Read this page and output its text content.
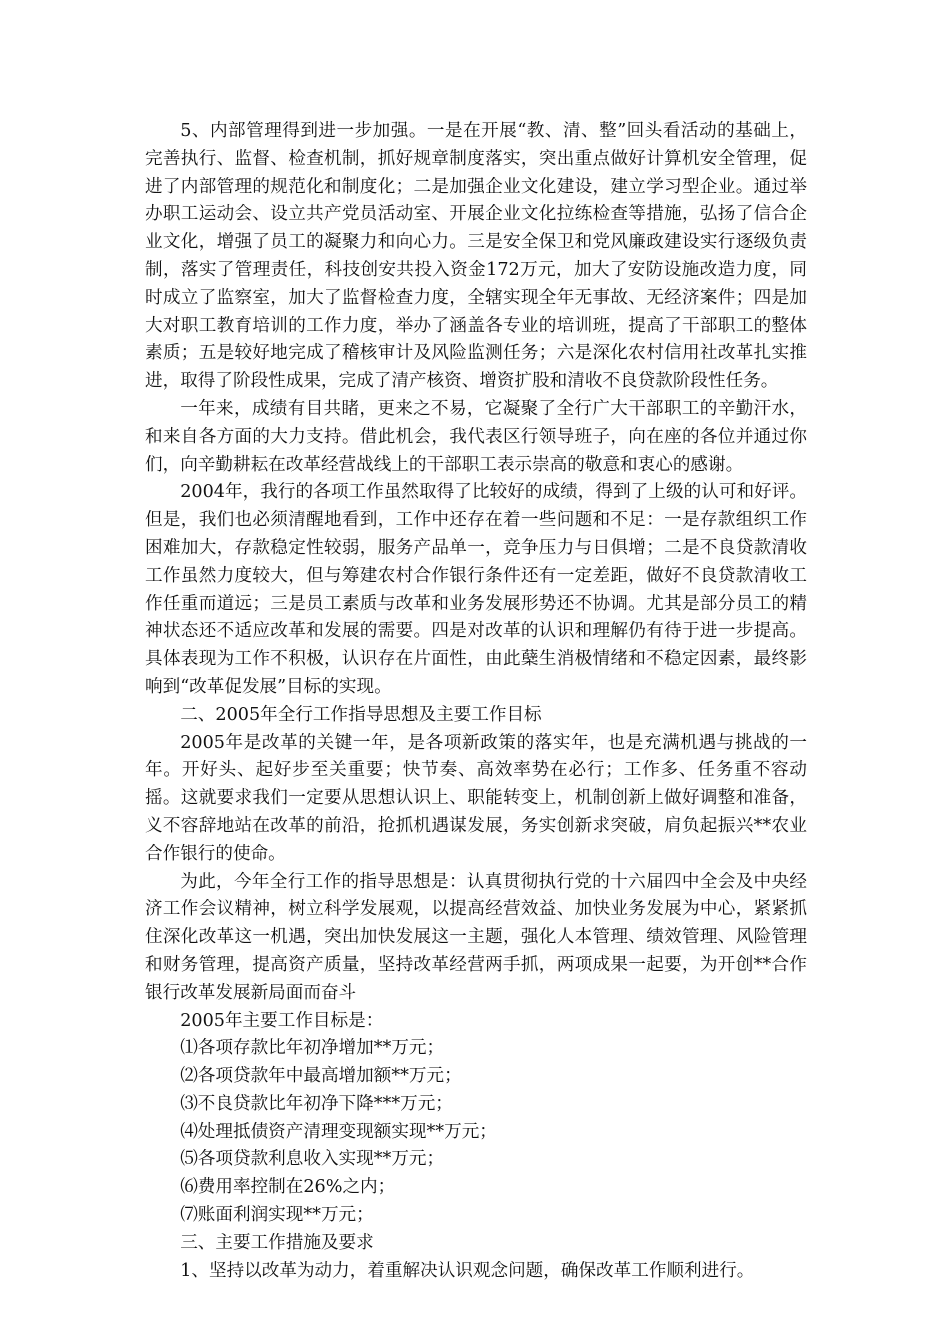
5、内部管理得到进一步加强。一是在开展“教、清、整”回头看活动的基础上，完善执行、监督、检查机制，抓好规章制度落实，突出重点做好计算机安全管理，促进了内部管理的规范化和制度化；二是加强企业文化建设，建立学习型企业。通过举办职工运动会、设立共产党员活动室、开展企业文化拉练检查等措施，弘扬了信合企业文化，增强了员工的凝聚力和向心力。三是安全保卫和党风廉政建设实行逐级负责制，落实了管理责任，科技创安共投入资金172万元，加大了安防设施改造力度，同时成立了监察室，加大了监督检查力度，全辖实现全年无事故、无经济案件；四是加大对职工教育培训的工作力度，举办了涵盖各专业的培训班，提高了干部职工的整体素质；五是较好地完成了稽核审计及风险监测任务；六是深化农村信用社改革扎实推进，取得了阶段性成果，完成了清产核资、增资扩股和清收不良贷款阶段性任务。

一年来，成绩有目共睹，更来之不易，它凝聚了全行广大干部职工的辛勤汗水，和来自各方面的大力支持。借此机会，我代表区行领导班子，向在座的各位并通过你们，向辛勤耕耘在改革经营战线上的干部职工表示崇高的敬意和衷心的感谢。

2004年，我行的各项工作虽然取得了比较好的成绩，得到了上级的认可和好评。但是，我们也必须清醒地看到，工作中还存在着一些问题和不足：一是存款组织工作困难加大，存款稳定性较弱，服务产品单一，竞争压力与日俱增；二是不良贷款清收工作虽然力度较大，但与筹建农村合作银行条件还有一定差距，做好不良贷款清收工作任重而道远；三是员工素质与改革和业务发展形势还不协调。尤其是部分员工的精神状态还不适应改革和发展的需要。四是对改革的认识和理解仍有待于进一步提高。具体表现为工作不积极，认识存在片面性，由此蘖生消极情绪和不稳定因素，最终影响到“改革促发展”目标的实现。

二、2005年全行工作指导思想及主要工作目标

2005年是改革的关键一年，是各项新政策的落实年，也是充满机遇与挑战的一年。开好头、起好步至关重要；快节奏、高效率势在必行；工作多、任务重不容动摇。这就要求我们一定要从思想认识上、职能转变上，机制创新上做好调整和准备，义不容辞地站在改革的前沿，抢抓机遇谋发展，务实创新求突破，肩负起振兴**农业合作银行的使命。

为此，今年全行工作的指导思想是：认真贯彻执行党的十六届四中全会及中央经济工作会议精神，树立科学发展观，以提高经营效益、加快业务发展为中心，紧紧抓住深化改革这一机遇，突出加快发展这一主题，强化人本管理、绩效管理、风险管理和财务管理，提高资产质量，坚持改革经营两手抓，两项成果一起要，为开创**合作银行改革发展新局面而奋斗

2005年主要工作目标是：

⑴各项存款比年初净增加**万元；

⑵各项贷款年中最高增加额**万元；

⑶不良贷款比年初净下降***万元；

⑷处理抵债资产清理变现额实现**万元；

⑸各项贷款利息收入实现**万元；

⑹费用率控制在26%之内；

⑺账面利润实现**万元；

三、主要工作措施及要求

1、坚持以改革为动力，着重解决认识观念问题，确保改革工作顺利进行。
